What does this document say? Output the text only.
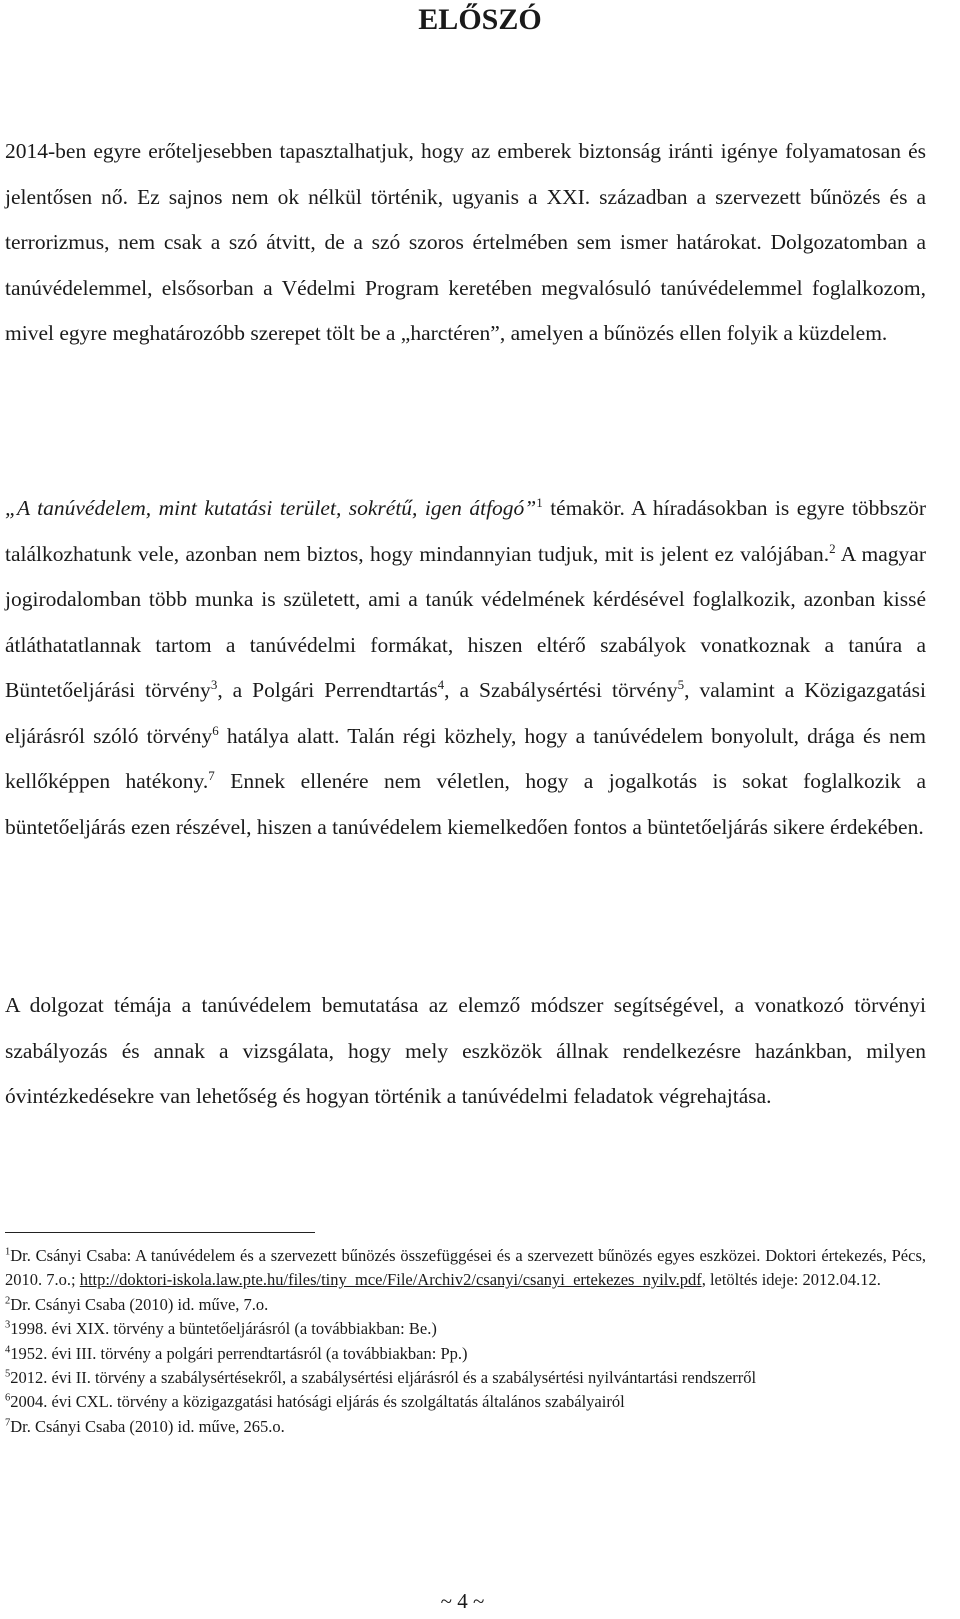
ELŐSZÓ

2014-ben egyre erőteljesebben tapasztalhatjuk, hogy az emberek biztonság iránti igénye folyamatosan és jelentősen nő. Ez sajnos nem ok nélkül történik, ugyanis a XXI. században a szervezett bűnözés és a terrorizmus, nem csak a szó átvitt, de a szó szoros értelmében sem ismer határokat. Dolgozatomban a tanúvédelemmel, elsősorban a Védelmi Program keretében megvalósuló tanúvédelemmel foglalkozom, mivel egyre meghatározóbb szerepet tölt be a „harctéren”, amelyen a bűnözés ellen folyik a küzdelem.

„A tanúvédelem, mint kutatási terület, sokrétű, igen átfogó”$^1$ témakör. A híradásokban is egyre többször találkozhatunk vele, azonban nem biztos, hogy mindannyian tudjuk, mit is jelent ez valójában.$^2$ A magyar jogirodalomban több munka is született, ami a tanúk védelmének kérdésével foglalkozik, azonban kissé átláthatatlannak tartom a tanúvédelmi formákat, hiszen eltérő szabályok vonatkoznak a tanúra a Büntetőeljárási törvény$^3$, a Polgári Perrendtartás$^4$, a Szabálysértési törvény$^5$, valamint a Közigazgatási eljárásról szóló törvény$^6$ hatálya alatt. Talán régi közhely, hogy a tanúvédelem bonyolult, drága és nem kellőképpen hatékony.$^7$ Ennek ellenére nem véletlen, hogy a jogalkotás is sokat foglalkozik a büntetőeljárás ezen részével, hiszen a tanúvédelem kiemelkedően fontos a büntetőeljárás sikere érdekében.

A dolgozat témája a tanúvédelem bemutatása az elemző módszer segítségével, a vonatkozó törvényi szabályozás és annak a vizsgálata, hogy mely eszközök állnak rendelkezésre hazánkban, milyen óvintézkedésekre van lehetőség és hogyan történik a tanúvédelmi feladatok végrehajtása.

$^1$Dr. Csányi Csaba: A tanúvédelem és a szervezett bűnözés összefüggései és a szervezett bűnözés egyes eszközei. Doktori értekezés, Pécs, 2010. 7.o.; http://doktori-iskola.law.pte.hu/files/tiny_mce/File/Archiv2/csanyi/csanyi_ertekezes_nyilv.pdf, letöltés ideje: 2012.04.12.

$^2$Dr. Csányi Csaba (2010) id. műve, 7.o.

$^3$1998. évi XIX. törvény a büntetőeljárásról (a továbbiakban: Be.)

$^4$1952. évi III. törvény a polgári perrendtartásról (a továbbiakban: Pp.)

$^5$2012. évi II. törvény a szabálysértésekről, a szabálysértési eljárásról és a szabálysértési nyilvántartási rendszerről

$^6$2004. évi CXL. törvény a közigazgatási hatósági eljárás és szolgáltatás általános szabályairól

$^7$Dr. Csányi Csaba (2010) id. műve, 265.o.

~ 4 ~
